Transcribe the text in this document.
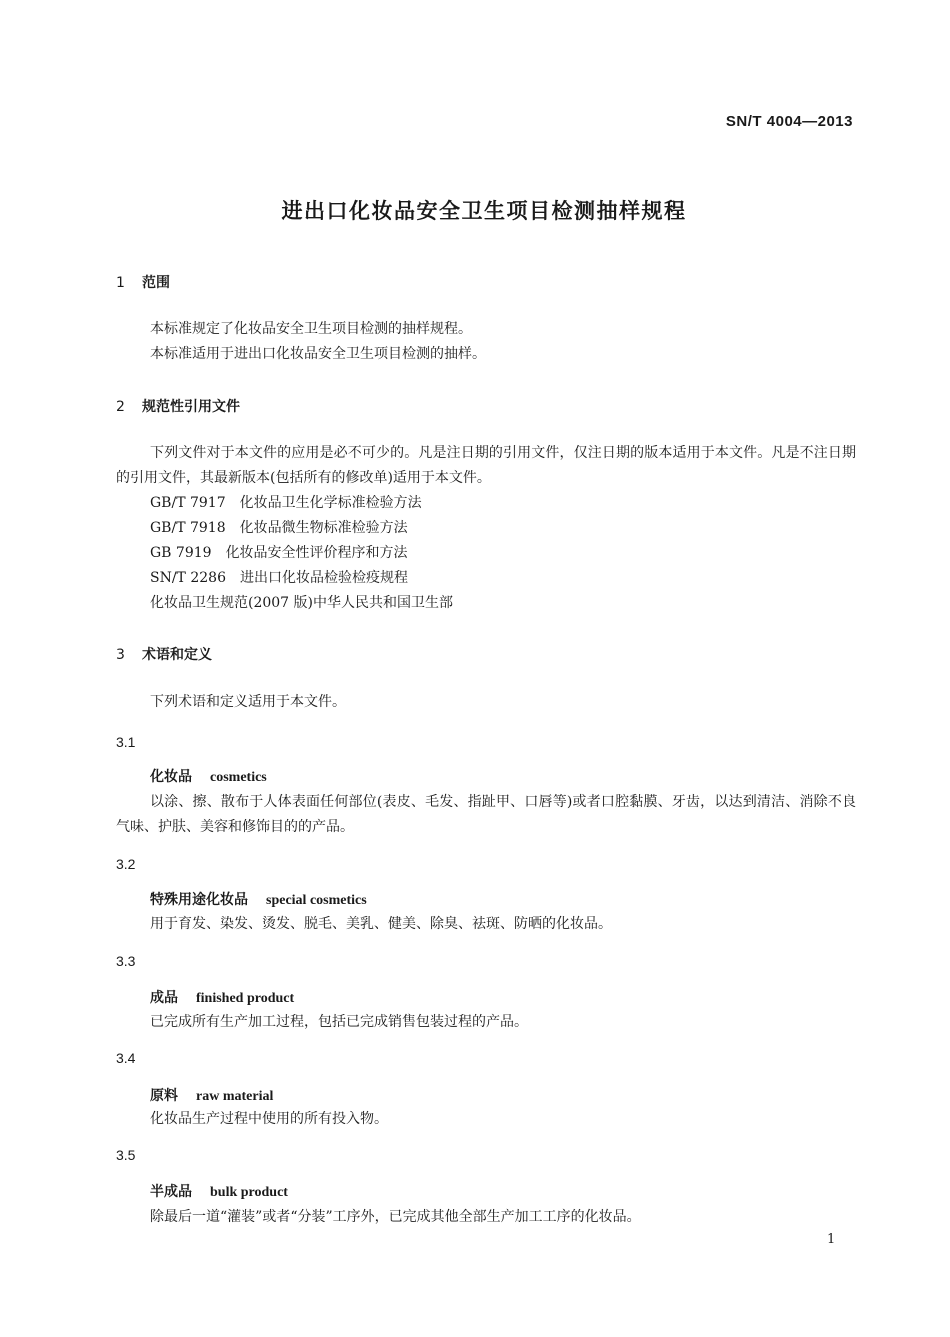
SN/T 4004—2013
进出口化妆品安全卫生项目检测抽样规程
1 范围
本标准规定了化妆品安全卫生项目检测的抽样规程。
本标准适用于进出口化妆品安全卫生项目检测的抽样。
2 规范性引用文件
下列文件对于本文件的应用是必不可少的。凡是注日期的引用文件，仅注日期的版本适用于本文件。凡是不注日期的引用文件，其最新版本(包括所有的修改单)适用于本文件。
GB/T 7917 化妆品卫生化学标准检验方法
GB/T 7918 化妆品微生物标准检验方法
GB 7919 化妆品安全性评价程序和方法
SN/T 2286 进出口化妆品检验检疫规程
化妆品卫生规范(2007 版)中华人民共和国卫生部
3 术语和定义
下列术语和定义适用于本文件。
3.1
化妆品 cosmetics
以涂、擦、散布于人体表面任何部位(表皮、毛发、指趾甲、口唇等)或者口腔黏膜、牙齿，以达到清洁、消除不良气味、护肤、美容和修饰目的的产品。
3.2
特殊用途化妆品 special cosmetics
用于育发、染发、烫发、脱毛、美乳、健美、除臭、祛斑、防晒的化妆品。
3.3
成品 finished product
已完成所有生产加工过程，包括已完成销售包装过程的产品。
3.4
原料 raw material
化妆品生产过程中使用的所有投入物。
3.5
半成品 bulk product
除最后一道“灌装”或者“分装”工序外，已完成其他全部生产加工工序的化妆品。
1
